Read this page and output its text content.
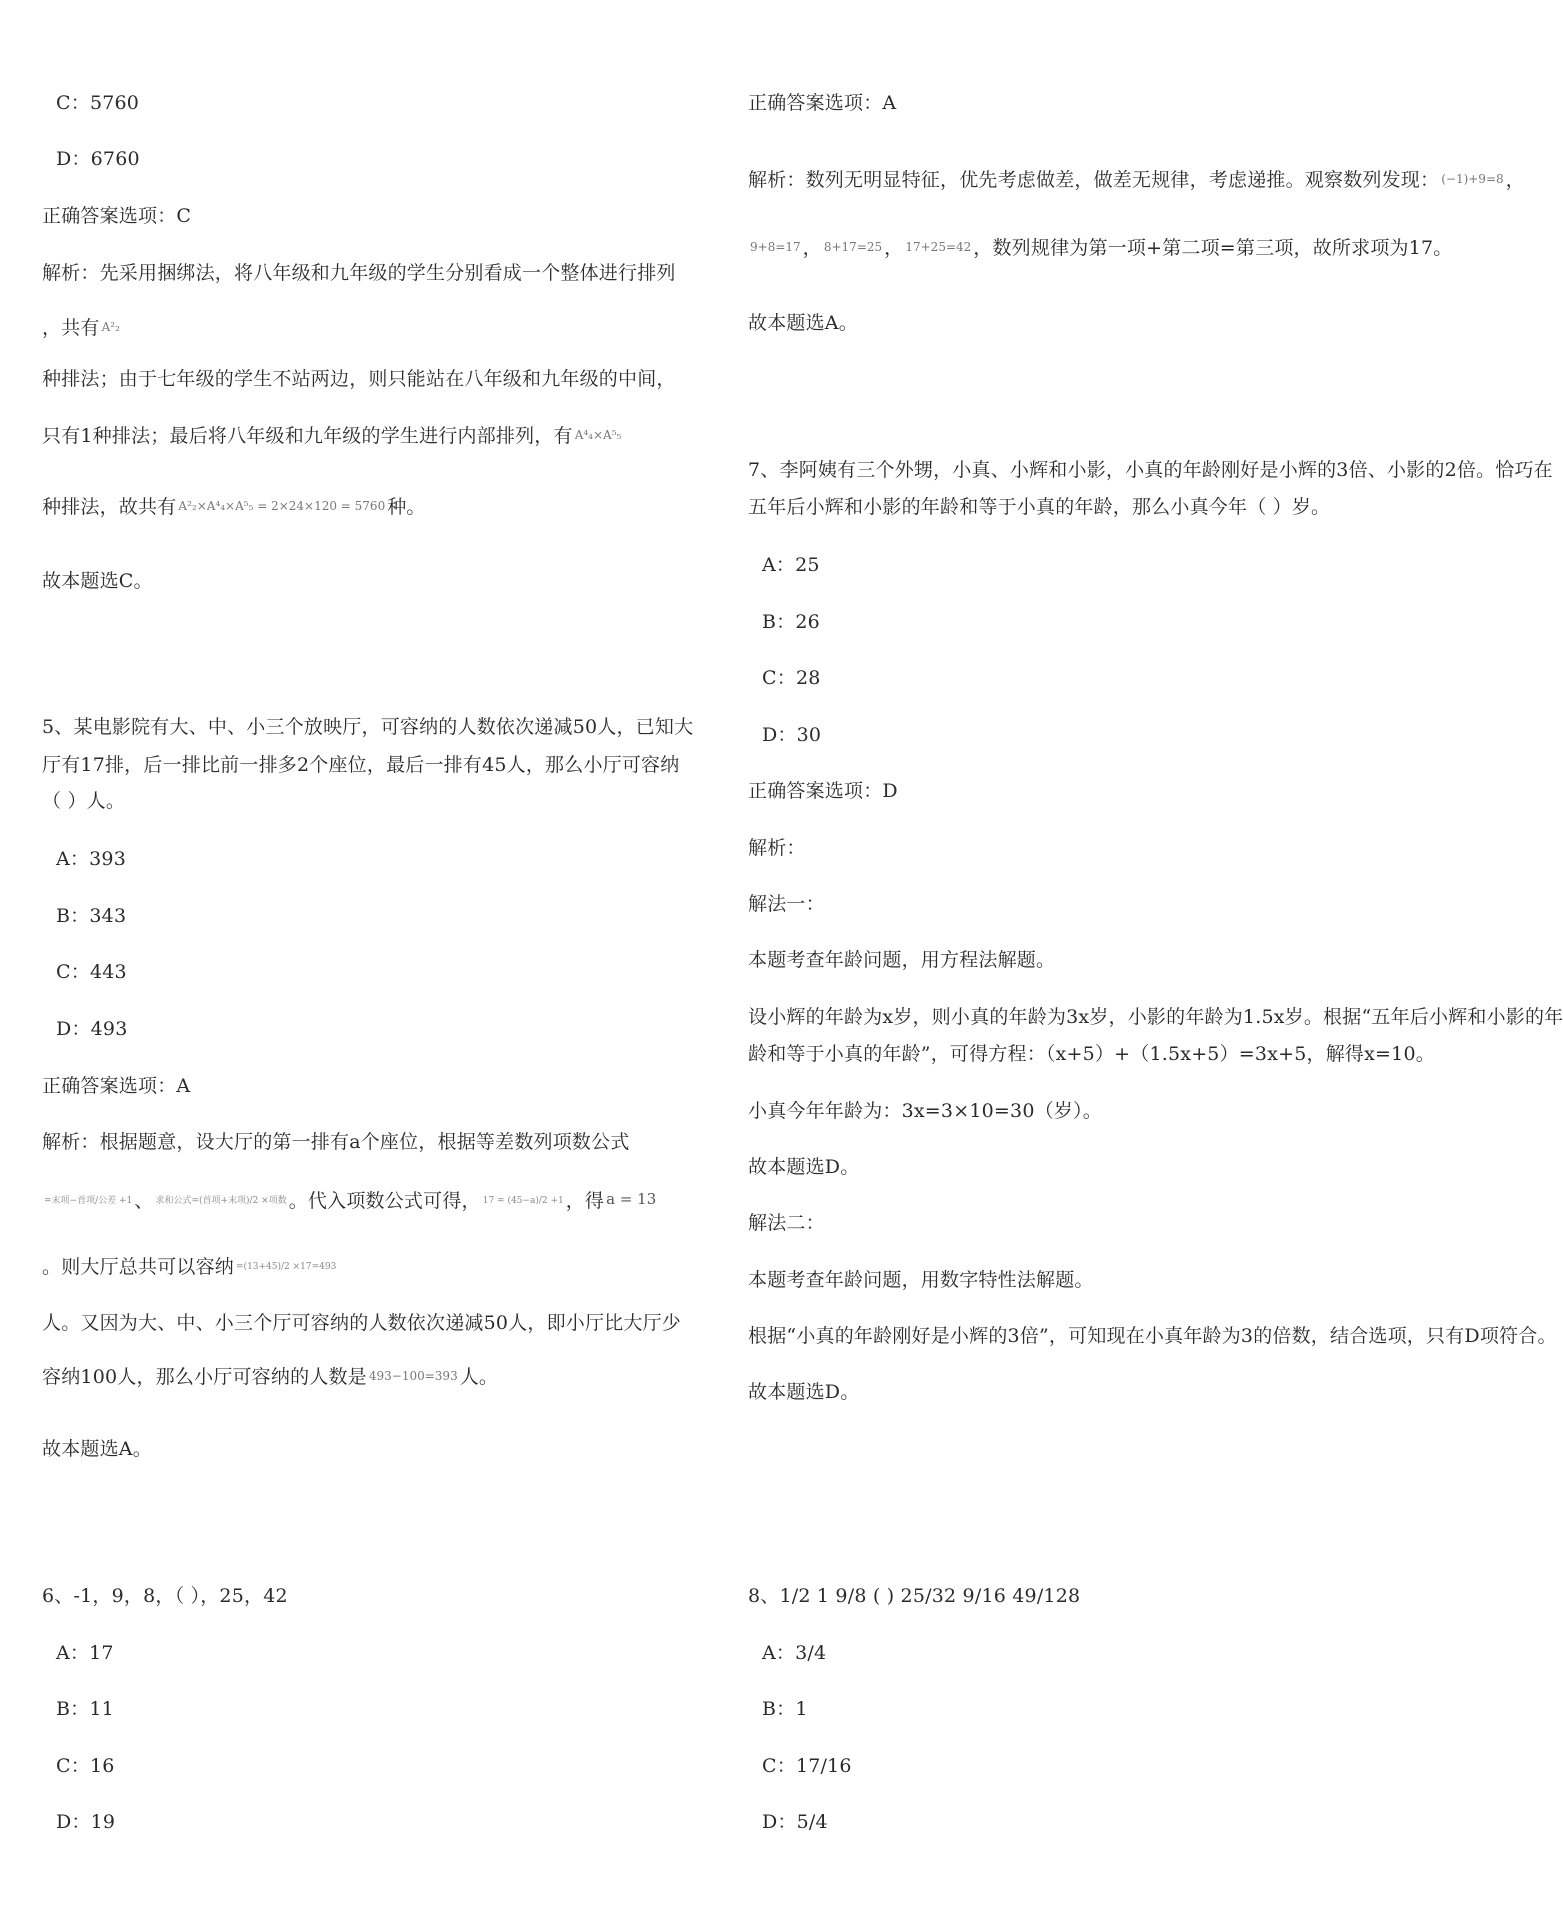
C：5760
D：6760
正确答案选项：C
解析：先采用捆绑法，将八年级和九年级的学生分别看成一个整体进行排列
，共有 A²₂
种排法；由于七年级的学生不站两边，则只能站在八年级和九年级的中间，
只有1种排法；最后将八年级和九年级的学生进行内部排列，有 A⁴₄×A⁵₅
种排法，故共有 A²₂×A⁴₄×A⁵₅ = 2×24×120 = 5760 种。
故本题选C。
5、某电影院有大、中、小三个放映厅，可容纳的人数依次递减50人，已知大
厅有17排，后一排比前一排多2个座位，最后一排有45人，那么小厅可容纳
（ ）人。
A：393
B：343
C：443
D：493
正确答案选项：A
解析：根据题意，设大厅的第一排有a个座位，根据等差数列项数公式
$^{=末项-首项/公差 +1}$ 、 $^{求和公式=(首项+末项)/2 \times 项数}$ 。代入项数公式可得， $^{17 = (45-a)/2 +1}$ ，得 a = 13
。则大厅总共可以容纳 $^{=(13+45)/2 \times 17=493}$
人。又因为大、中、小三个厅可容纳的人数依次递减50人，即小厅比大厅少
容纳100人，那么小厅可容纳的人数是 493−100=393 人。
故本题选A。
6、-1，9，8，（ ），25，42
A：17
B：11
C：16
D：19
正确答案选项：A
解析：数列无明显特征，优先考虑做差，做差无规律，考虑递推。观察数列发现： (−1)+9=8 ，
9+8=17 ， 8+17=25 ， 17+25=42 ，数列规律为第一项+第二项=第三项，故所求项为17。
故本题选A。
7、李阿姨有三个外甥，小真、小辉和小影，小真的年龄刚好是小辉的3倍、小影的2倍。恰巧在
五年后小辉和小影的年龄和等于小真的年龄，那么小真今年（ ）岁。
A：25
B：26
C：28
D：30
正确答案选项：D
解析：
解法一：
本题考查年龄问题，用方程法解题。
设小辉的年龄为x岁，则小真的年龄为3x岁，小影的年龄为1.5x岁。根据“五年后小辉和小影的年
龄和等于小真的年龄”，可得方程：（x+5）+（1.5x+5）=3x+5，解得x=10。
小真今年年龄为：3x=3×10=30（岁）。
故本题选D。
解法二：
本题考查年龄问题，用数字特性法解题。
根据“小真的年龄刚好是小辉的3倍”，可知现在小真年龄为3的倍数，结合选项，只有D项符合。
故本题选D。
8、1/2 1 9/8 ( ) 25/32 9/16 49/128
A：3/4
B：1
C：17/16
D：5/4
